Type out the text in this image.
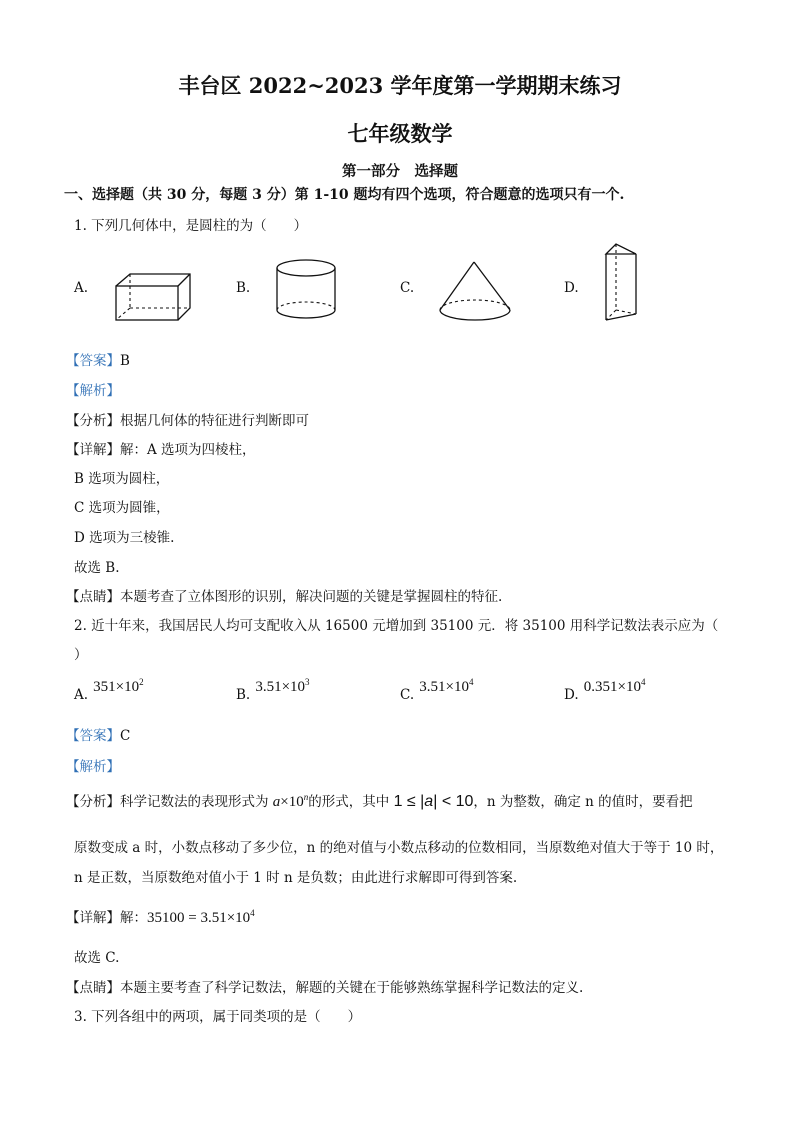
丰台区 2022~2023 学年度第一学期期末练习
七年级数学
第一部分　选择题
一、选择题（共 30 分，每题 3 分）第 1-10 题均有四个选项，符合题意的选项只有一个.
1. 下列几何体中，是圆柱的为（　　）
A.	B.	C.	D.
【答案】B
【解析】
【分析】根据几何体的特征进行判断即可
【详解】解：A 选项为四棱柱，
B 选项为圆柱，
C 选项为圆锥，
D 选项为三棱锥.
故选 B.
【点睛】本题考查了立体图形的识别，解决问题的关键是掌握圆柱的特征.
2. 近十年来，我国居民人均可支配收入从 16500 元增加到 35100 元．将 35100 用科学记数法表示应为（
）
$_{A.}$ $351\times 10^2$
$_{B.}$ $3.51\times 10^3$
$_{C.}$ $3.51\times 10^4$
$_{D.}$ $0.351\times 10^4$
【答案】C
【解析】
【分析】科学记数法的表现形式为 $a\times 10^n$的形式，其中 1 ≤ |a| < 10，n 为整数，确定 n 的值时，要看把
原数变成 a 时，小数点移动了多少位，n 的绝对值与小数点移动的位数相同，当原数绝对值大于等于 10 时，
n 是正数，当原数绝对值小于 1 时 n 是负数；由此进行求解即可得到答案.
【详解】解：$35100 = 3.51\times 10^4$
故选 C.
【点睛】本题主要考查了科学记数法，解题的关键在于能够熟练掌握科学记数法的定义.
3. 下列各组中的两项，属于同类项的是（　　）
